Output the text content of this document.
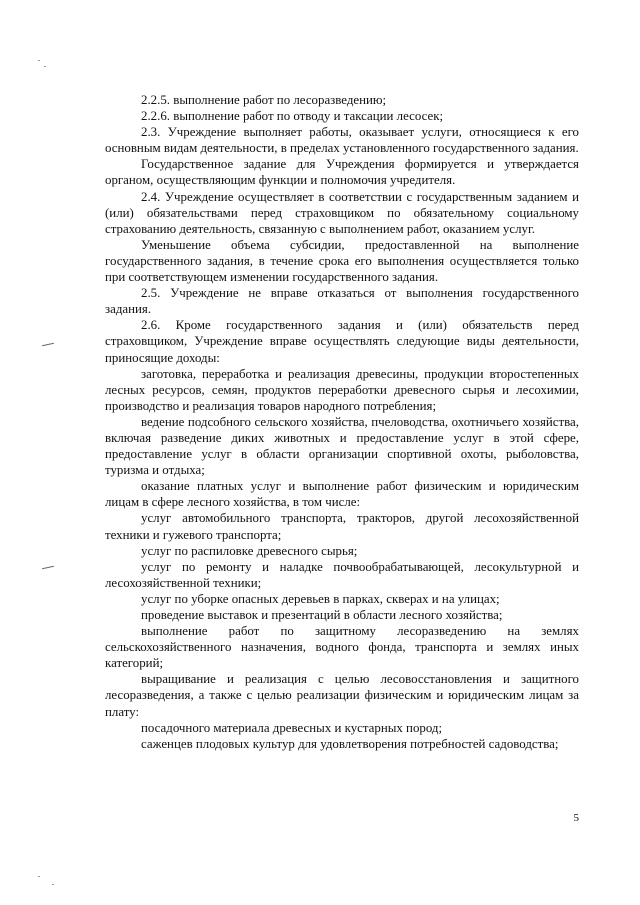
2.2.5. выполнение работ по лесоразведению;

2.2.6. выполнение работ по отводу и таксации лесосек;

2.3. Учреждение выполняет работы, оказывает услуги, относящиеся к его основным видам деятельности, в пределах установленного государственного задания.

Государственное задание для Учреждения формируется и утверждается органом, осуществляющим функции и полномочия учредителя.

2.4. Учреждение осуществляет в соответствии с государственным заданием и (или) обязательствами перед страховщиком по обязательному социальному страхованию деятельность, связанную с выполнением работ, оказанием услуг.

Уменьшение объема субсидии, предоставленной на выполнение государственного задания, в течение срока его выполнения осуществляется только при соответствующем изменении государственного задания.

2.5. Учреждение не вправе отказаться от выполнения государственного задания.

2.6. Кроме государственного задания и (или) обязательств перед страховщиком, Учреждение вправе осуществлять следующие виды деятельности, приносящие доходы:

заготовка, переработка и реализация древесины, продукции второстепенных лесных ресурсов, семян, продуктов переработки древесного сырья и лесохимии, производство и реализация товаров народного потребления;

ведение подсобного сельского хозяйства, пчеловодства, охотничьего хозяйства, включая разведение диких животных и предоставление услуг в этой сфере, предоставление услуг в области организации спортивной охоты, рыболовства, туризма и отдыха;

оказание платных услуг и выполнение работ физическим и юридическим лицам в сфере лесного хозяйства, в том числе:

услуг автомобильного транспорта, тракторов, другой лесохозяйственной техники и гужевого транспорта;

услуг по распиловке древесного сырья;

услуг по ремонту и наладке почвообрабатывающей, лесокультурной и лесохозяйственной техники;

услуг по уборке опасных деревьев в парках, скверах и на улицах;

проведение выставок и презентаций в области лесного хозяйства;

выполнение работ по защитному лесоразведению на землях сельскохозяйственного назначения, водного фонда, транспорта и землях иных категорий;

выращивание и реализация с целью лесовосстановления и защитного лесоразведения, а также с целью реализации физическим и юридическим лицам за плату:

посадочного материала древесных и кустарных пород;

саженцев плодовых культур для удовлетворения потребностей садоводства;

5
